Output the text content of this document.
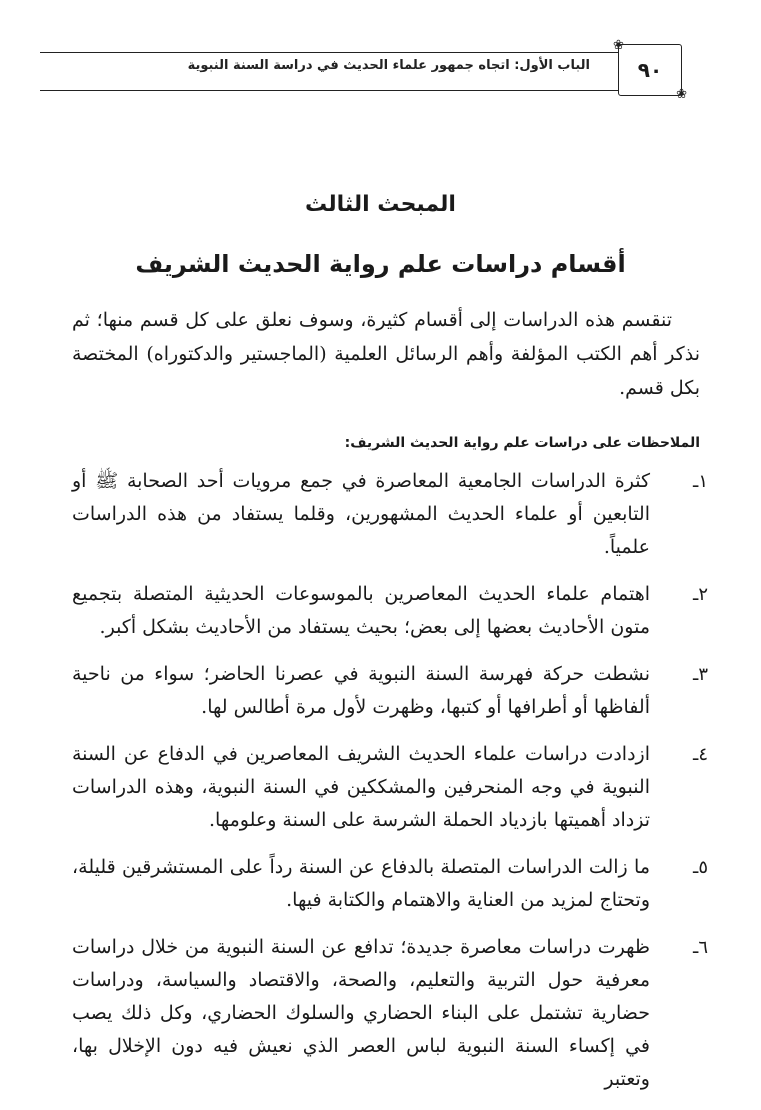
الباب الأول: اتجاه جمهور علماء الحديث في دراسة السنة النبوية
❀
٩٠
❀
المبحث الثالث
أقسام دراسات علم رواية الحديث الشريف

تنقسم هذه الدراسات إلى أقسام كثيرة، وسوف نعلق على كل قسم منها؛ ثم نذكر أهم الكتب المؤلفة وأهم الرسائل العلمية (الماجستير والدكتوراه) المختصة بكل قسم.

الملاحظات على دراسات علم رواية الحديث الشريف:
١ـ
كثرة الدراسات الجامعية المعاصرة في جمع مرويات أحد الصحابة ﷺ أو التابعين أو علماء الحديث المشهورين، وقلما يستفاد من هذه الدراسات علمياً.
٢ـ
اهتمام علماء الحديث المعاصرين بالموسوعات الحديثية المتصلة بتجميع متون الأحاديث بعضها إلى بعض؛ بحيث يستفاد من الأحاديث بشكل أكبر.
٣ـ
نشطت حركة فهرسة السنة النبوية في عصرنا الحاضر؛ سواء من ناحية ألفاظها أو أطرافها أو كتبها، وظهرت لأول مرة أطالس لها.
٤ـ
ازدادت دراسات علماء الحديث الشريف المعاصرين في الدفاع عن السنة النبوية في وجه المنحرفين والمشككين في السنة النبوية، وهذه الدراسات تزداد أهميتها بازدياد الحملة الشرسة على السنة وعلومها.
٥ـ
ما زالت الدراسات المتصلة بالدفاع عن السنة رداً على المستشرقين قليلة، وتحتاج لمزيد من العناية والاهتمام والكتابة فيها.
٦ـ
ظهرت دراسات معاصرة جديدة؛ تدافع عن السنة النبوية من خلال دراسات معرفية حول التربية والتعليم، والصحة، والاقتصاد والسياسة، ودراسات حضارية تشتمل على البناء الحضاري والسلوك الحضاري، وكل ذلك يصب في إكساء السنة النبوية لباس العصر الذي نعيش فيه دون الإخلال بها، وتعتبر
